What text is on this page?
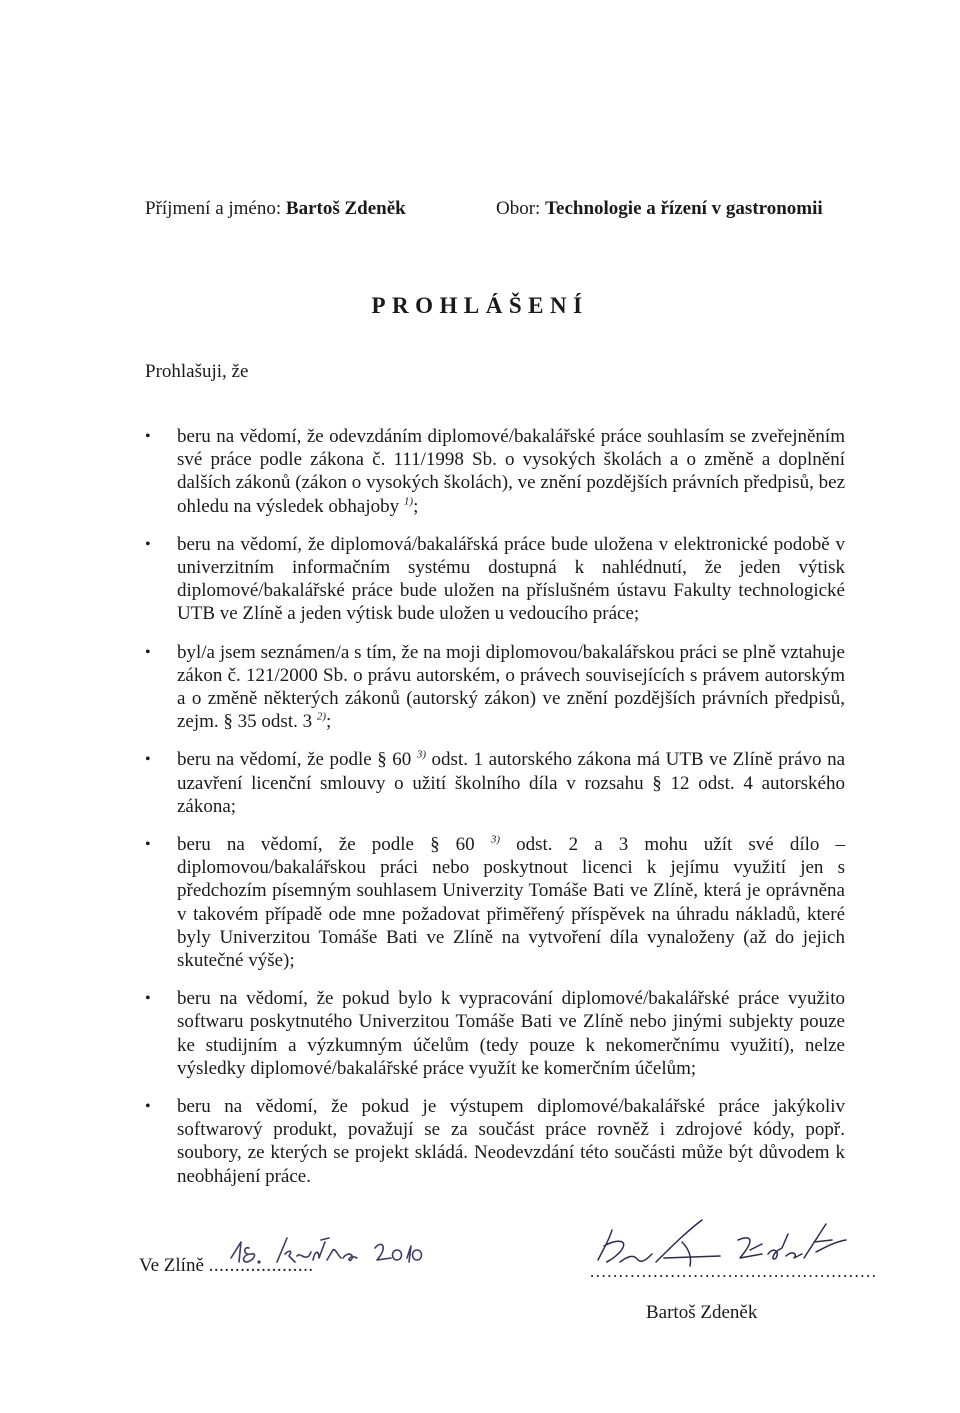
Příjmení a jméno: Bartoš Zdeněk	Obor: Technologie a řízení v gastronomii
PROHLÁŠENÍ
Prohlašuji, že
• beru na vědomí, že odevzdáním diplomové/bakalářské práce souhlasím se zveřejněním své práce podle zákona č. 111/1998 Sb. o vysokých školách a o změně a doplnění dalších zákonů (zákon o vysokých školách), ve znění pozdějších právních předpisů, bez ohledu na výsledek obhajoby $^{1)}$;
• beru na vědomí, že diplomová/bakalářská práce bude uložena v elektronické podobě v univerzitním informačním systému dostupná k nahlédnutí, že jeden výtisk diplomové/bakalářské práce bude uložen na příslušném ústavu Fakulty technologické UTB ve Zlíně a jeden výtisk bude uložen u vedoucího práce;
• byl/a jsem seznámen/a s tím, že na moji diplomovou/bakalářskou práci se plně vztahuje zákon č. 121/2000 Sb. o právu autorském, o právech souvisejících s právem autorským a o změně některých zákonů (autorský zákon) ve znění pozdějších právních předpisů, zejm. § 35 odst. 3 $^{2)}$;
• beru na vědomí, že podle § 60 $^{3)}$ odst. 1 autorského zákona má UTB ve Zlíně právo na uzavření licenční smlouvy o užití školního díla v rozsahu § 12 odst. 4 autorského zákona;
• beru na vědomí, že podle § 60 $^{3)}$ odst. 2 a 3 mohu užít své dílo – diplomovou/bakalářskou práci nebo poskytnout licenci k jejímu využití jen s předchozím písemným souhlasem Univerzity Tomáše Bati ve Zlíně, která je oprávněna v takovém případě ode mne požadovat přiměřený příspěvek na úhradu nákladů, které byly Univerzitou Tomáše Bati ve Zlíně na vytvoření díla vynaloženy (až do jejich skutečné výše);
• beru na vědomí, že pokud bylo k vypracování diplomové/bakalářské práce využito softwaru poskytnutého Univerzitou Tomáše Bati ve Zlíně nebo jinými subjekty pouze ke studijním a výzkumným účelům (tedy pouze k nekomerčnímu využití), nelze výsledky diplomové/bakalářské práce využít ke komerčním účelům;
• beru na vědomí, že pokud je výstupem diplomové/bakalářské práce jakýkoliv softwarový produkt, považují se za součást práce rovněž i zdrojové kódy, popř. soubory, ze kterých se projekt skládá. Neodevzdání této součásti může být důvodem k neobhájení práce.
Ve Zlíně ....................	..................................................
Bartoš Zdeněk
